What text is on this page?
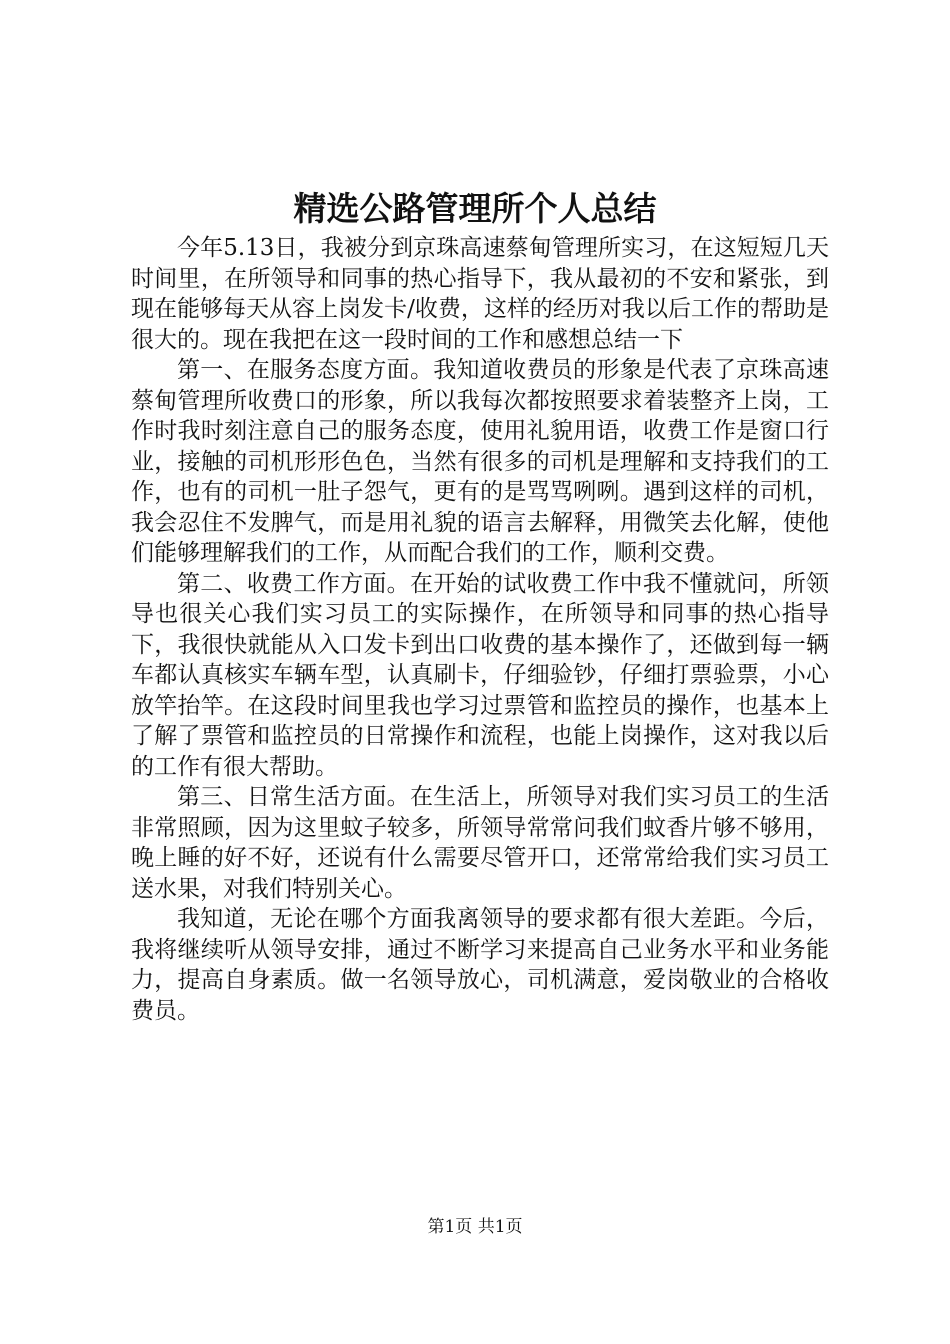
精选公路管理所个人总结

今年5.13日，我被分到京珠高速蔡甸管理所实习，在这短短几天时间里，在所领导和同事的热心指导下，我从最初的不安和紧张，到现在能够每天从容上岗发卡/收费，这样的经历对我以后工作的帮助是很大的。现在我把在这一段时间的工作和感想总结一下

第一、在服务态度方面。我知道收费员的形象是代表了京珠高速蔡甸管理所收费口的形象，所以我每次都按照要求着装整齐上岗，工作时我时刻注意自己的服务态度，使用礼貌用语，收费工作是窗口行业，接触的司机形形色色，当然有很多的司机是理解和支持我们的工作，也有的司机一肚子怨气，更有的是骂骂咧咧。遇到这样的司机，我会忍住不发脾气，而是用礼貌的语言去解释，用微笑去化解，使他们能够理解我们的工作，从而配合我们的工作，顺利交费。

第二、收费工作方面。在开始的试收费工作中我不懂就问，所领导也很关心我们实习员工的实际操作，在所领导和同事的热心指导下，我很快就能从入口发卡到出口收费的基本操作了，还做到每一辆车都认真核实车辆车型，认真刷卡，仔细验钞，仔细打票验票，小心放竿抬竿。在这段时间里我也学习过票管和监控员的操作，也基本上了解了票管和监控员的日常操作和流程，也能上岗操作，这对我以后的工作有很大帮助。

第三、日常生活方面。在生活上，所领导对我们实习员工的生活非常照顾，因为这里蚊子较多，所领导常常问我们蚊香片够不够用，晚上睡的好不好，还说有什么需要尽管开口，还常常给我们实习员工送水果，对我们特别关心。

我知道，无论在哪个方面我离领导的要求都有很大差距。今后，我将继续听从领导安排，通过不断学习来提高自己业务水平和业务能力，提高自身素质。做一名领导放心，司机满意，爱岗敬业的合格收费员。

第1页 共1页
